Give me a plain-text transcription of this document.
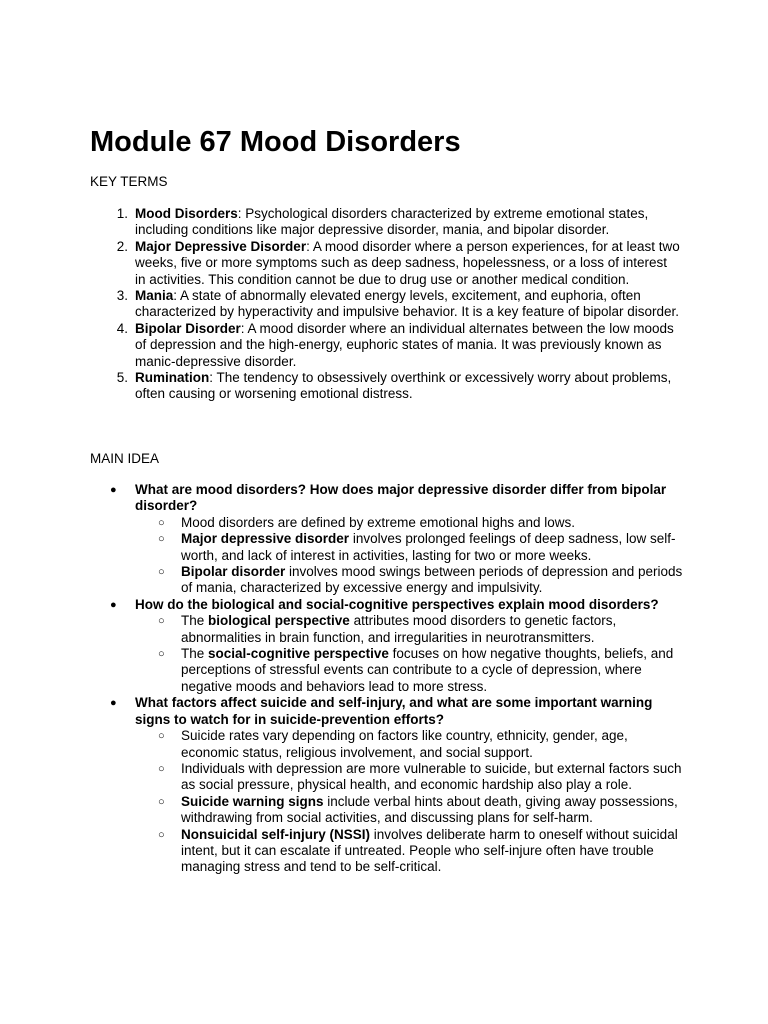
Module 67 Mood Disorders

KEY TERMS

1. Mood Disorders: Psychological disorders characterized by extreme emotional states, including conditions like major depressive disorder, mania, and bipolar disorder.
2. Major Depressive Disorder: A mood disorder where a person experiences, for at least two weeks, five or more symptoms such as deep sadness, hopelessness, or a loss of interest in activities. This condition cannot be due to drug use or another medical condition.
3. Mania: A state of abnormally elevated energy levels, excitement, and euphoria, often characterized by hyperactivity and impulsive behavior. It is a key feature of bipolar disorder.
4. Bipolar Disorder: A mood disorder where an individual alternates between the low moods of depression and the high-energy, euphoric states of mania. It was previously known as manic-depressive disorder.
5. Rumination: The tendency to obsessively overthink or excessively worry about problems, often causing or worsening emotional distress.

MAIN IDEA

● What are mood disorders? How does major depressive disorder differ from bipolar disorder?
○ Mood disorders are defined by extreme emotional highs and lows.
○ Major depressive disorder involves prolonged feelings of deep sadness, low self-worth, and lack of interest in activities, lasting for two or more weeks.
○ Bipolar disorder involves mood swings between periods of depression and periods of mania, characterized by excessive energy and impulsivity.
● How do the biological and social-cognitive perspectives explain mood disorders?
○ The biological perspective attributes mood disorders to genetic factors, abnormalities in brain function, and irregularities in neurotransmitters.
○ The social-cognitive perspective focuses on how negative thoughts, beliefs, and perceptions of stressful events can contribute to a cycle of depression, where negative moods and behaviors lead to more stress.
● What factors affect suicide and self-injury, and what are some important warning signs to watch for in suicide-prevention efforts?
○ Suicide rates vary depending on factors like country, ethnicity, gender, age, economic status, religious involvement, and social support.
○ Individuals with depression are more vulnerable to suicide, but external factors such as social pressure, physical health, and economic hardship also play a role.
○ Suicide warning signs include verbal hints about death, giving away possessions, withdrawing from social activities, and discussing plans for self-harm.
○ Nonsuicidal self-injury (NSSI) involves deliberate harm to oneself without suicidal intent, but it can escalate if untreated. People who self-injure often have trouble managing stress and tend to be self-critical.
